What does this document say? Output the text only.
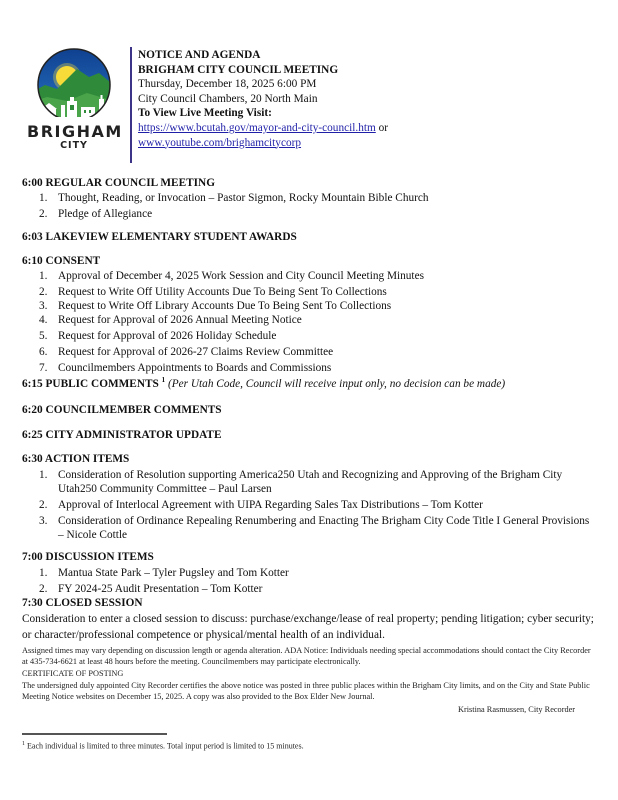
BRIGHAM
CITY
NOTICE AND AGENDA
BRIGHAM CITY COUNCIL MEETING
Thursday, December 18, 2025 6:00 PM
City Council Chambers, 20 North Main
To View Live Meeting Visit:
https://www.bcutah.gov/mayor-and-city-council.htm or
www.youtube.com/brighamcitycorp
6:00 REGULAR COUNCIL MEETING
1. Thought, Reading, or Invocation – Pastor Sigmon, Rocky Mountain Bible Church
2. Pledge of Allegiance
6:03 LAKEVIEW ELEMENTARY STUDENT AWARDS
6:10 CONSENT
1. Approval of December 4, 2025 Work Session and City Council Meeting Minutes
2. Request to Write Off Utility Accounts Due To Being Sent To Collections
3. Request to Write Off Library Accounts Due To Being Sent To Collections
4. Request for Approval of 2026 Annual Meeting Notice
5. Request for Approval of 2026 Holiday Schedule
6. Request for Approval of 2026-27 Claims Review Committee
7. Councilmembers Appointments to Boards and Commissions
6:15 PUBLIC COMMENTS $^1$ (Per Utah Code, Council will receive input only, no decision can be made)
6:20 COUNCILMEMBER COMMENTS
6:25 CITY ADMINISTRATOR UPDATE
6:30 ACTION ITEMS
1. Consideration of Resolution supporting America250 Utah and Recognizing and Approving of the Brigham City Utah250 Community Committee – Paul Larsen
2. Approval of Interlocal Agreement with UIPA Regarding Sales Tax Distributions – Tom Kotter
3. Consideration of Ordinance Repealing Renumbering and Enacting The Brigham City Code Title I General Provisions – Nicole Cottle
7:00 DISCUSSION ITEMS
1. Mantua State Park – Tyler Pugsley and Tom Kotter
2. FY 2024-25 Audit Presentation – Tom Kotter
7:30 CLOSED SESSION
Consideration to enter a closed session to discuss: purchase/exchange/lease of real property; pending litigation; cyber security; or character/professional competence or physical/mental health of an individual.
Assigned times may vary depending on discussion length or agenda alteration. ADA Notice: Individuals needing special accommodations should contact the City Recorder at 435-734-6621 at least 48 hours before the meeting. Councilmembers may participate electronically.
CERTIFICATE OF POSTING
The undersigned duly appointed City Recorder certifies the above notice was posted in three public places within the Brigham City limits, and on the City and State Public Meeting Notice websites on December 15, 2025. A copy was also provided to the Box Elder New Journal.
Kristina Rasmussen, City Recorder
$^1$ Each individual is limited to three minutes. Total input period is limited to 15 minutes.
